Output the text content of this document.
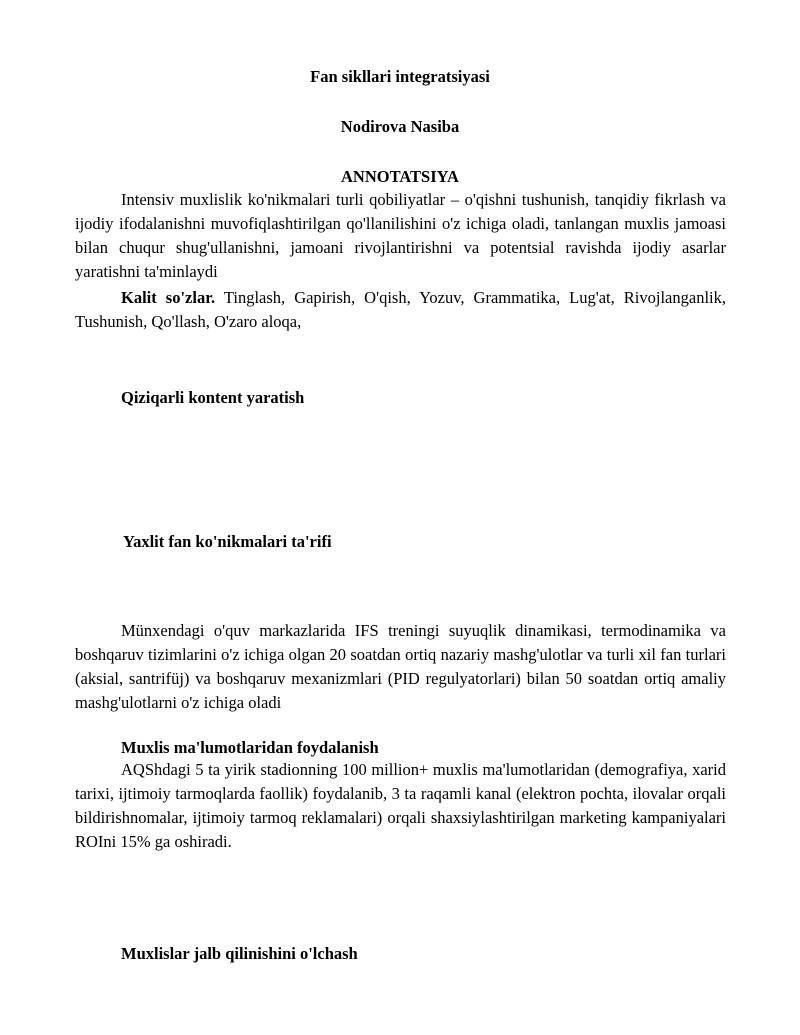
Fan sikllari integratsiyasi
Nodirova Nasiba
ANNOTATSIYA

Intensiv muxlislik ko'nikmalari turli qobiliyatlar – o'qishni tushunish, tanqidiy fikrlash va ijodiy ifodalanishni muvofiqlashtirilgan qo'llanilishini o'z ichiga oladi, tanlangan muxlis jamoasi bilan chuqur shug'ullanishni, jamoani rivojlantirishni va potentsial ravishda ijodiy asarlar yaratishni ta'minlaydi

Kalit so'zlar. Tinglash, Gapirish, O'qish, Yozuv, Grammatika, Lug'at, Rivojlanganlik, Tushunish, Qo'llash, O'zaro aloqa,

Qiziqarli kontent yaratish
Yaxlit fan ko'nikmalari ta'rifi

Münxendagi o'quv markazlarida IFS treningi suyuqlik dinamikasi, termodinamika va boshqaruv tizimlarini o'z ichiga olgan 20 soatdan ortiq nazariy mashg'ulotlar va turli xil fan turlari (aksial, santrifüj) va boshqaruv mexanizmlari (PID regulyatorlari) bilan 50 soatdan ortiq amaliy mashg'ulotlarni o'z ichiga oladi

Muxlis ma'lumotlaridan foydalanish

AQShdagi 5 ta yirik stadionning 100 million+ muxlis ma'lumotlaridan (demografiya, xarid tarixi, ijtimoiy tarmoqlarda faollik) foydalanib, 3 ta raqamli kanal (elektron pochta, ilovalar orqali bildirishnomalar, ijtimoiy tarmoq reklamalari) orqali shaxsiylashtirilgan marketing kampaniyalari ROIni 15% ga oshiradi.

Muxlislar jalb qilinishini o'lchash
